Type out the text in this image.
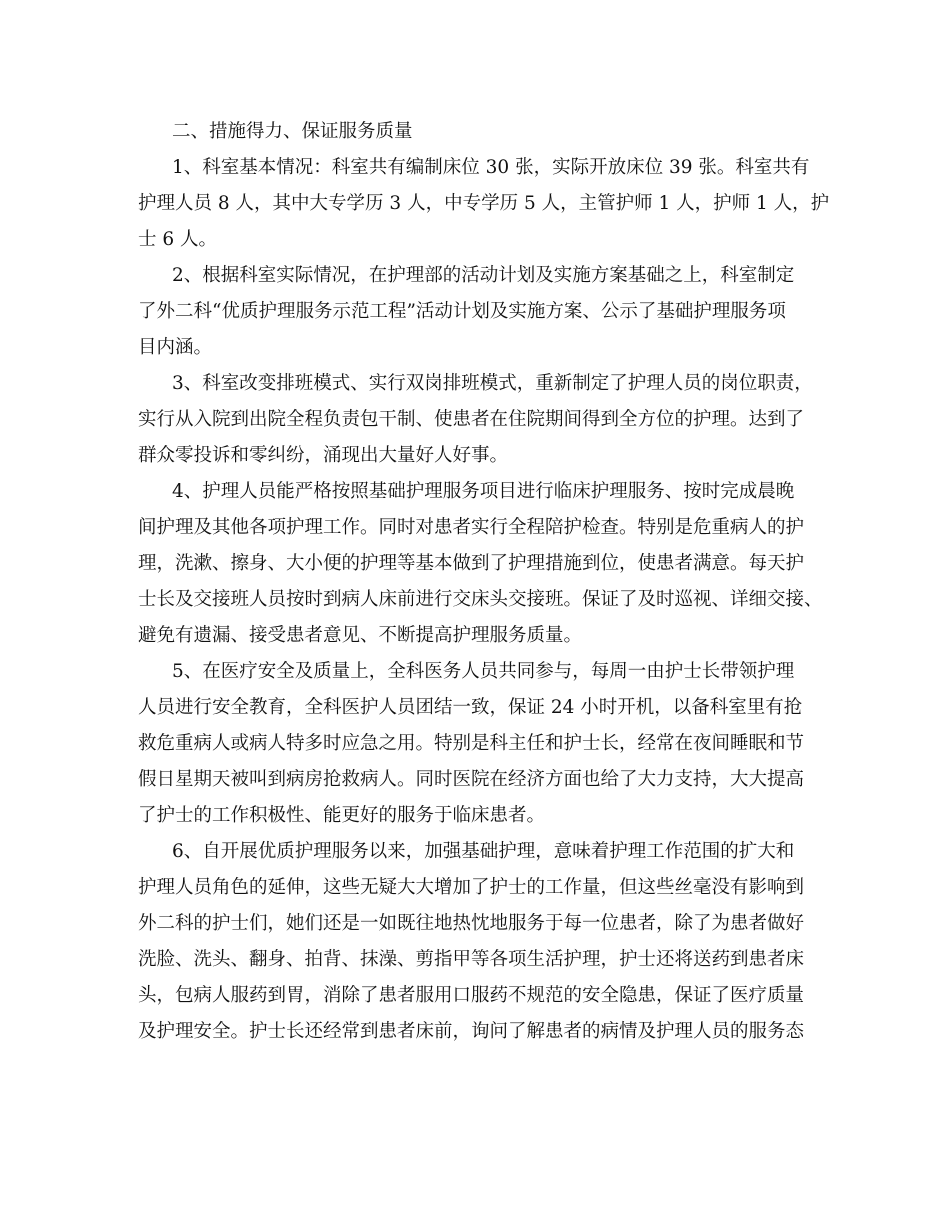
二、措施得力、保证服务质量
1、科室基本情况：科室共有编制床位 30 张，实际开放床位 39 张。科室共有
护理人员 8 人，其中大专学历 3 人，中专学历 5 人，主管护师 1 人，护师 1 人，护
士 6 人。
2、根据科室实际情况，在护理部的活动计划及实施方案基础之上，科室制定
了外二科“优质护理服务示范工程”活动计划及实施方案、公示了基础护理服务项
目内涵。
3、科室改变排班模式、实行双岗排班模式，重新制定了护理人员的岗位职责，
实行从入院到出院全程负责包干制、使患者在住院期间得到全方位的护理。达到了
群众零投诉和零纠纷，涌现出大量好人好事。
4、护理人员能严格按照基础护理服务项目进行临床护理服务、按时完成晨晚
间护理及其他各项护理工作。同时对患者实行全程陪护检查。特别是危重病人的护
理，洗漱、擦身、大小便的护理等基本做到了护理措施到位，使患者满意。每天护
士长及交接班人员按时到病人床前进行交床头交接班。保证了及时巡视、详细交接、
避免有遗漏、接受患者意见、不断提高护理服务质量。
5、在医疗安全及质量上，全科医务人员共同参与，每周一由护士长带领护理
人员进行安全教育，全科医护人员团结一致，保证 24 小时开机，以备科室里有抢
救危重病人或病人特多时应急之用。特别是科主任和护士长，经常在夜间睡眠和节
假日星期天被叫到病房抢救病人。同时医院在经济方面也给了大力支持，大大提高
了护士的工作积极性、能更好的服务于临床患者。
6、自开展优质护理服务以来，加强基础护理，意味着护理工作范围的扩大和
护理人员角色的延伸，这些无疑大大增加了护士的工作量，但这些丝毫没有影响到
外二科的护士们，她们还是一如既往地热忱地服务于每一位患者，除了为患者做好
洗脸、洗头、翻身、拍背、抹澡、剪指甲等各项生活护理，护士还将送药到患者床
头，包病人服药到胃，消除了患者服用口服药不规范的安全隐患，保证了医疗质量
及护理安全。护士长还经常到患者床前，询问了解患者的病情及护理人员的服务态
